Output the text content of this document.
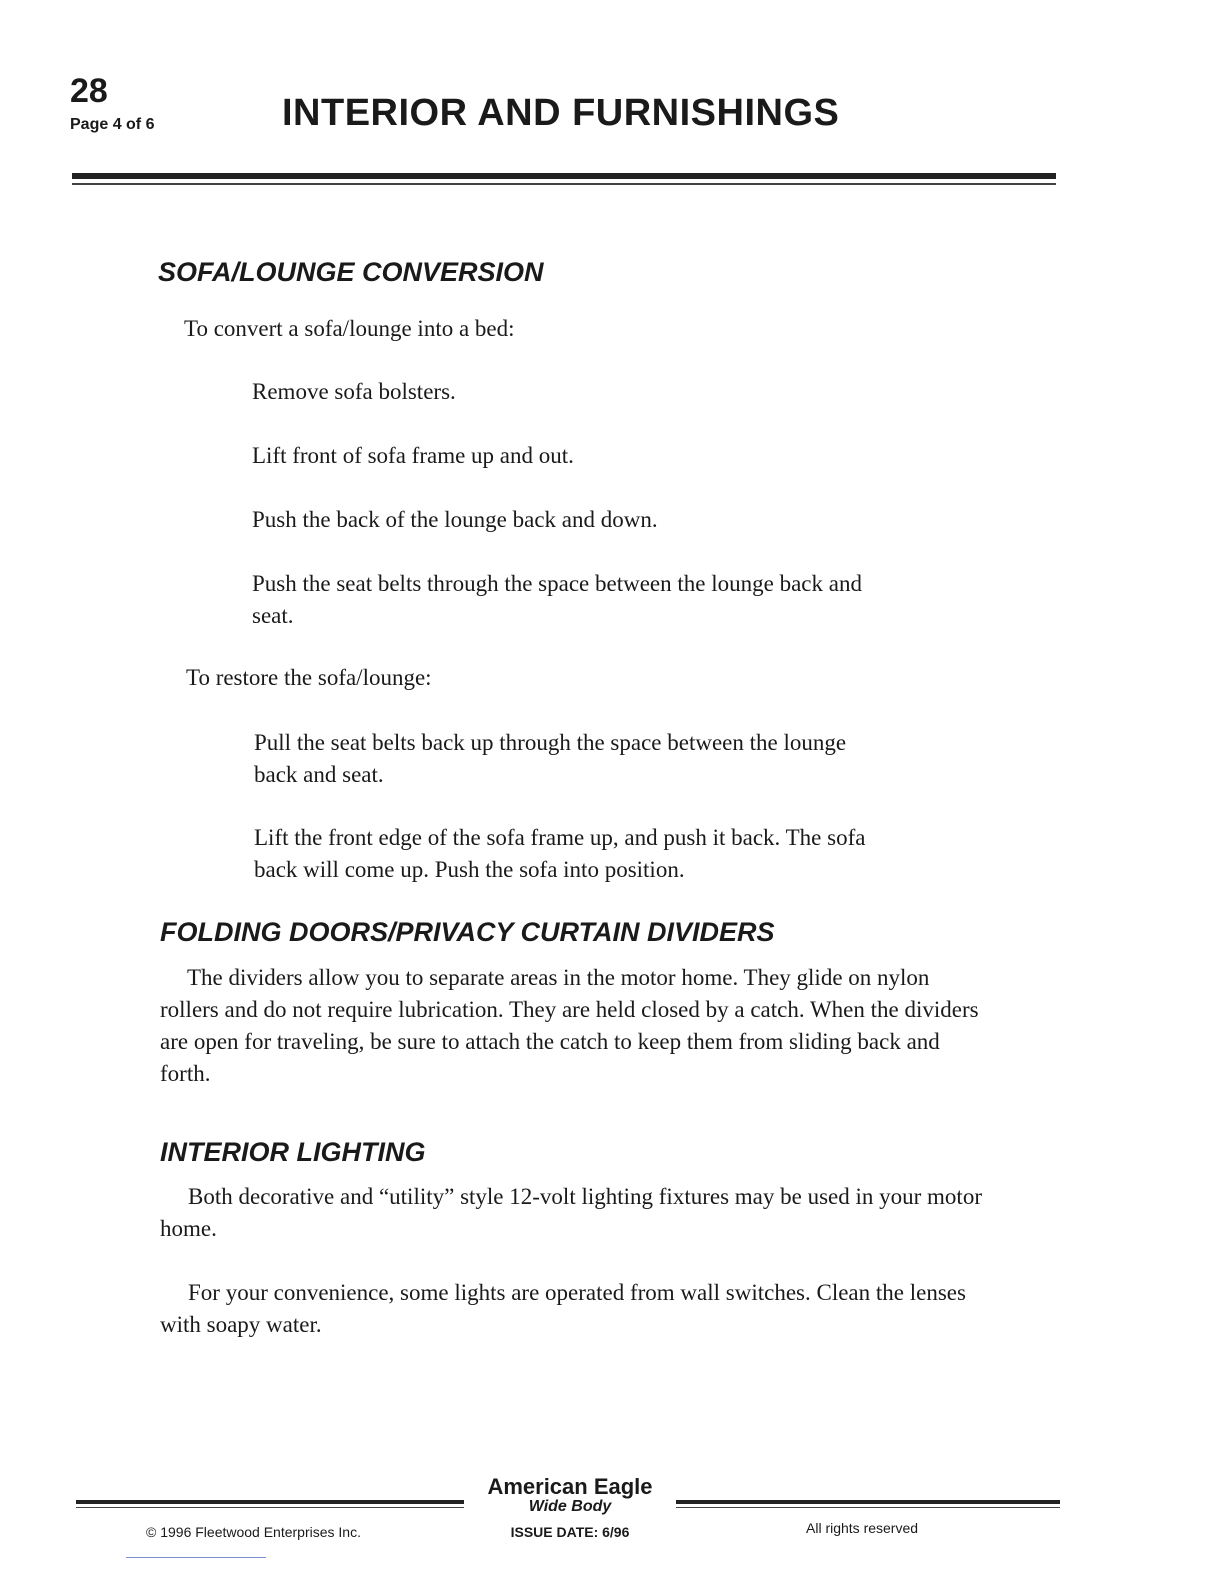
28
Page 4 of 6	INTERIOR AND FURNISHINGS
SOFA/LOUNGE CONVERSION
To convert a sofa/lounge into a bed:
Remove sofa bolsters.
Lift front of sofa frame up and out.
Push the back of the lounge back and down.
Push the seat belts through the space between the lounge back and seat.
To restore the sofa/lounge:
Pull the seat belts back up through the space between the lounge back and seat.
Lift the front edge of the sofa frame up, and push it back. The sofa back will come up. Push the sofa into position.
FOLDING DOORS/PRIVACY CURTAIN DIVIDERS
The dividers allow you to separate areas in the motor home. They glide on nylon rollers and do not require lubrication. They are held closed by a catch. When the dividers are open for traveling, be sure to attach the catch to keep them from sliding back and forth.
INTERIOR LIGHTING
Both decorative and “utility” style 12-volt lighting fixtures may be used in your motor home.
For your convenience, some lights are operated from wall switches. Clean the lenses with soapy water.
American Eagle
Wide Body
ISSUE DATE: 6/96
© 1996 Fleetwood Enterprises Inc.	All rights reserved
